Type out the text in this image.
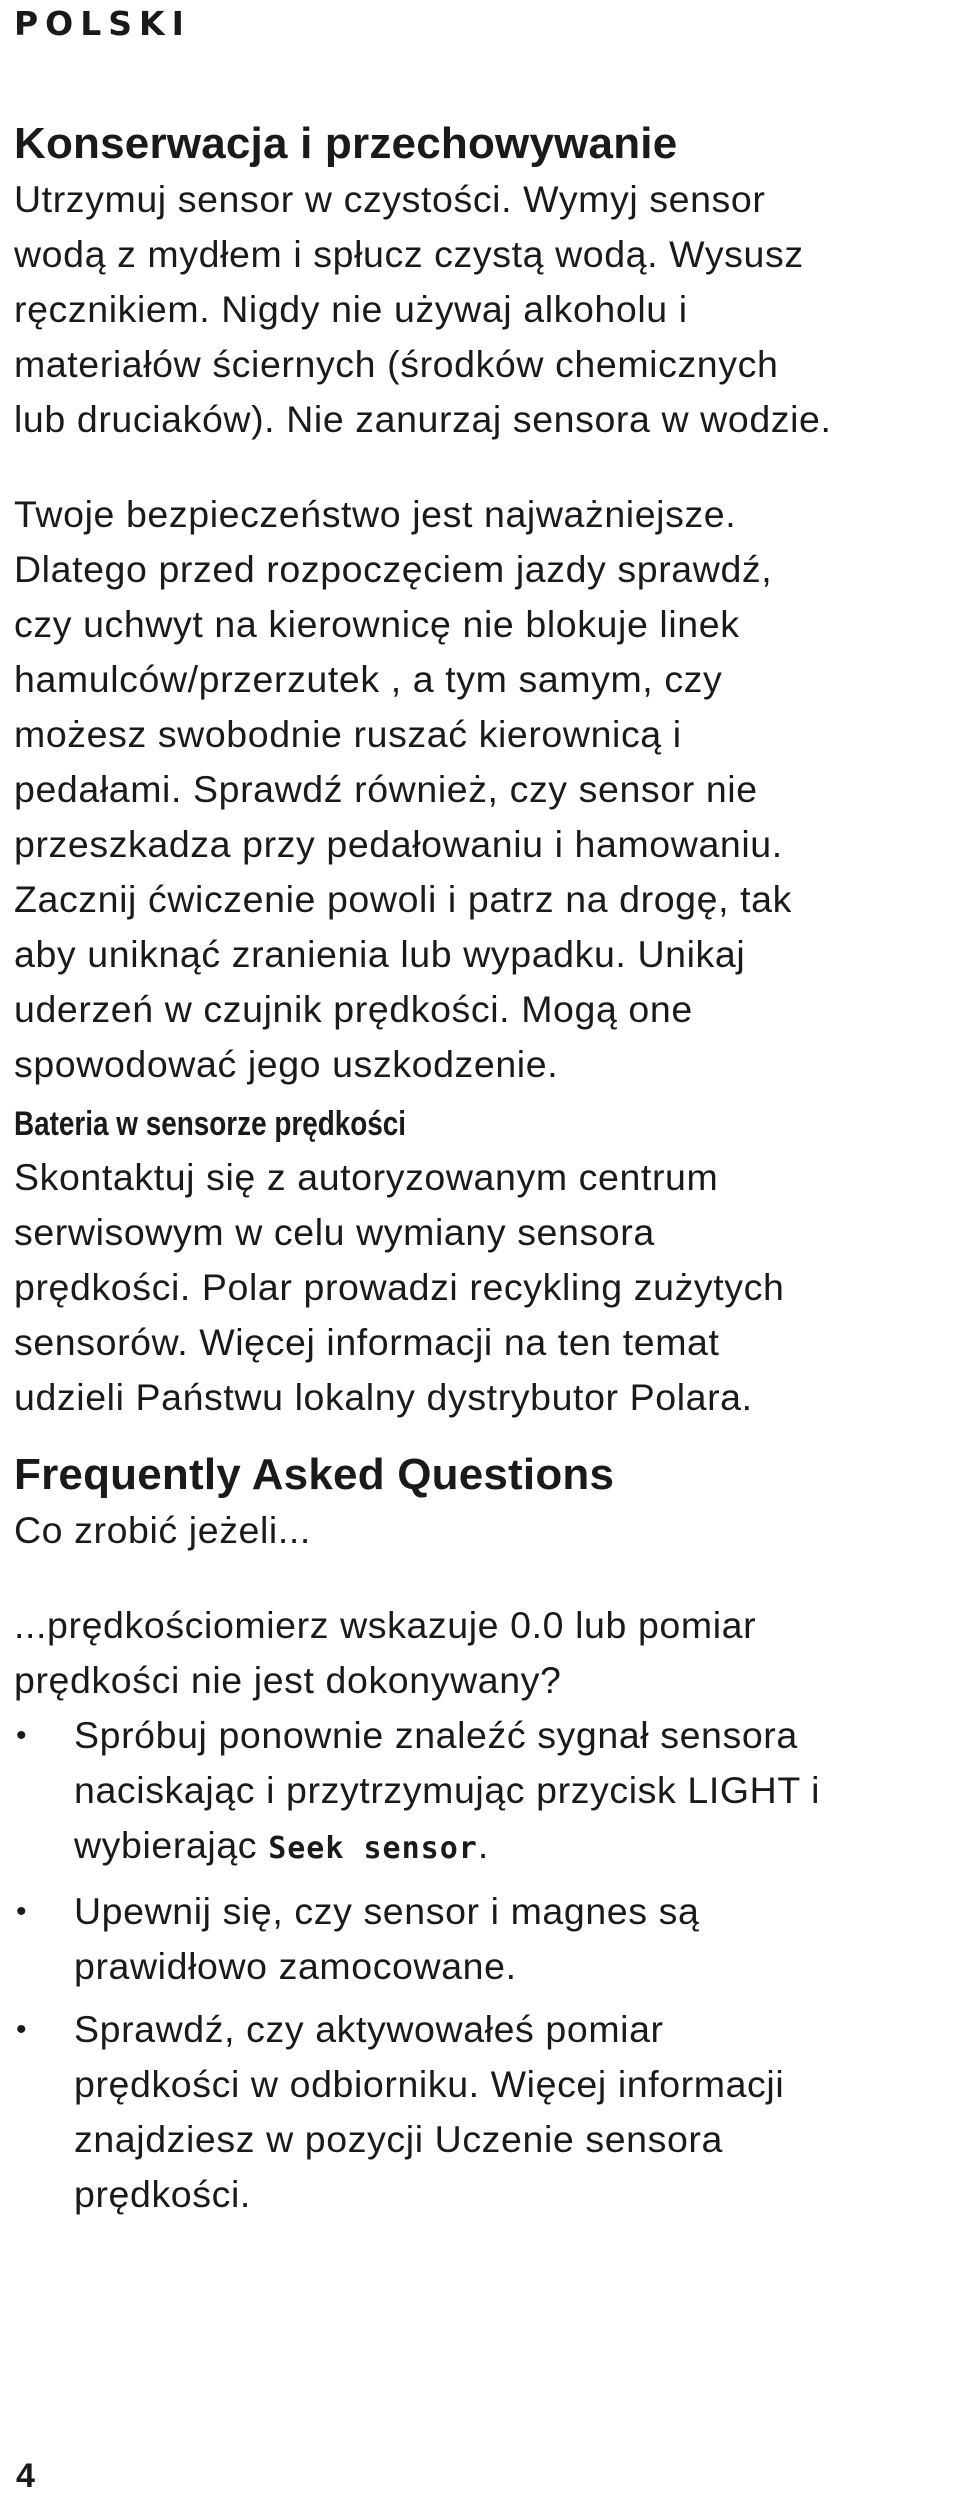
POLSKI
Konserwacja i przechowywanie

Utrzymuj sensor w czystości. Wymyj sensor
wodą z mydłem i spłucz czystą wodą. Wysusz
ręcznikiem. Nigdy nie używaj alkoholu i
materiałów ściernych (środków chemicznych
lub druciaków). Nie zanurzaj sensora w wodzie.

Twoje bezpieczeństwo jest najważniejsze.
Dlatego przed rozpoczęciem jazdy sprawdź,
czy uchwyt na kierownicę nie blokuje linek
hamulców/przerzutek , a tym samym, czy
możesz swobodnie ruszać kierownicą i
pedałami. Sprawdź również, czy sensor nie
przeszkadza przy pedałowaniu i hamowaniu.
Zacznij ćwiczenie powoli i patrz na drogę, tak
aby uniknąć zranienia lub wypadku. Unikaj
uderzeń w czujnik prędkości. Mogą one
spowodować jego uszkodzenie.

Bateria w sensorze prędkości

Skontaktuj się z autoryzowanym centrum
serwisowym w celu wymiany sensora
prędkości. Polar prowadzi recykling zużytych
sensorów. Więcej informacji na ten temat
udzieli Państwu lokalny dystrybutor Polara.

Frequently Asked Questions

Co zrobić jeżeli...

...prędkościomierz wskazuje 0.0 lub pomiar
prędkości nie jest dokonywany?

• Spróbuj ponownie znaleźć sygnał sensora
naciskając i przytrzymując przycisk LIGHT i
wybierając Seek sensor.
• Upewnij się, czy sensor i magnes są
prawidłowo zamocowane.
• Sprawdź, czy aktywowałeś pomiar
prędkości w odbiorniku. Więcej informacji
znajdziesz w pozycji Uczenie sensora
prędkości.
4
